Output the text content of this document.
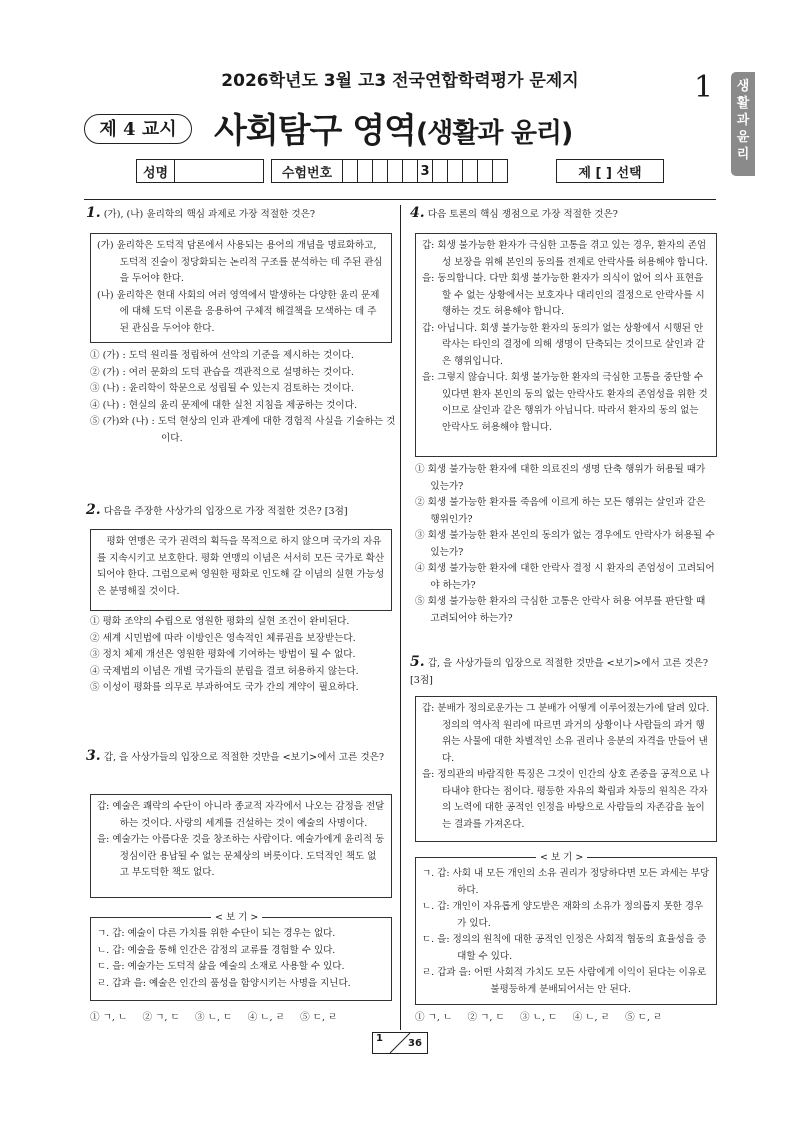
2026학년도 3월 고3 전국연합학력평가 문제지	1	생
활
과
윤
리
제 4 교시	사회탐구 영역(생활과 윤리)
성명		수험번호						3						제 [ ] 선택
1. (가), (나) 윤리학의 핵심 과제로 가장 적절한 것은?

(가) 윤리학은 도덕적 담론에서 사용되는 용어의 개념을 명료화하고, 도덕적 진술이 정당화되는 논리적 구조를 분석하는 데 주된 관심을 두어야 한다.

(나) 윤리학은 현대 사회의 여러 영역에서 발생하는 다양한 윤리 문제에 대해 도덕 이론을 응용하여 구체적 해결책을 모색하는 데 주된 관심을 두어야 한다.

① (가) : 도덕 원리를 정립하여 선악의 기준을 제시하는 것이다.

② (가) : 여러 문화의 도덕 관습을 객관적으로 설명하는 것이다.

③ (나) : 윤리학이 학문으로 성립될 수 있는지 검토하는 것이다.

④ (나) : 현실의 윤리 문제에 대한 실천 지침을 제공하는 것이다.

⑤ (가)와 (나) : 도덕 현상의 인과 관계에 대한 경험적 사실을 기술하는 것이다.

2. 다음을 주장한 사상가의 입장으로 가장 적절한 것은? [3점]

평화 연맹은 국가 권력의 획득을 목적으로 하지 않으며 국가의 자유를 지속시키고 보호한다. 평화 연맹의 이념은 서서히 모든 국가로 확산되어야 한다. 그럼으로써 영원한 평화로 인도해 갈 이념의 실현 가능성은 분명해질 것이다.

① 평화 조약의 수립으로 영원한 평화의 실현 조건이 완비된다.

② 세계 시민법에 따라 이방인은 영속적인 체류권을 보장받는다.

③ 정치 체제 개선은 영원한 평화에 기여하는 방법이 될 수 없다.

④ 국제법의 이념은 개별 국가들의 분립을 결코 허용하지 않는다.

⑤ 이성이 평화를 의무로 부과하여도 국가 간의 계약이 필요하다.

3. 갑, 을 사상가들의 입장으로 적절한 것만을 <보기>에서 고른 것은?

갑: 예술은 쾌락의 수단이 아니라 종교적 자각에서 나오는 감정을 전달하는 것이다. 사랑의 세계를 건설하는 것이 예술의 사명이다.

을: 예술가는 아름다운 것을 창조하는 사람이다. 예술가에게 윤리적 동정심이란 용납될 수 없는 문체상의 버릇이다. 도덕적인 책도 없고 부도덕한 책도 없다.

ㄱ. 갑: 예술이 다른 가치를 위한 수단이 되는 경우는 없다.

ㄴ. 갑: 예술을 통해 인간은 감정의 교류를 경험할 수 있다.

ㄷ. 을: 예술가는 도덕적 삶을 예술의 소재로 사용할 수 있다.

ㄹ. 갑과 을: 예술은 인간의 품성을 함양시키는 사명을 지닌다.

< 보 기 >
① ㄱ, ㄴ     ② ㄱ, ㄷ     ③ ㄴ, ㄷ     ④ ㄴ, ㄹ     ⑤ ㄷ, ㄹ
4. 다음 토론의 핵심 쟁점으로 가장 적절한 것은?

갑: 회생 불가능한 환자가 극심한 고통을 겪고 있는 경우, 환자의 존엄성 보장을 위해 본인의 동의를 전제로 안락사를 허용해야 합니다.

을: 동의합니다. 다만 회생 불가능한 환자가 의식이 없어 의사 표현을 할 수 없는 상황에서는 보호자나 대리인의 결정으로 안락사를 시행하는 것도 허용해야 합니다.

갑: 아닙니다. 회생 불가능한 환자의 동의가 없는 상황에서 시행된 안락사는 타인의 결정에 의해 생명이 단축되는 것이므로 살인과 같은 행위입니다.

을: 그렇지 않습니다. 회생 불가능한 환자의 극심한 고통을 중단할 수 있다면 환자 본인의 동의 없는 안락사도 환자의 존엄성을 위한 것이므로 살인과 같은 행위가 아닙니다. 따라서 환자의 동의 없는 안락사도 허용해야 합니다.

① 회생 불가능한 환자에 대한 의료진의 생명 단축 행위가 허용될 때가 있는가?

② 회생 불가능한 환자를 죽음에 이르게 하는 모든 행위는 살인과 같은 행위인가?

③ 회생 불가능한 환자 본인의 동의가 없는 경우에도 안락사가 허용될 수 있는가?

④ 회생 불가능한 환자에 대한 안락사 결정 시 환자의 존엄성이 고려되어야 하는가?

⑤ 회생 불가능한 환자의 극심한 고통은 안락사 허용 여부를 판단할 때 고려되어야 하는가?

5. 갑, 을 사상가들의 입장으로 적절한 것만을 <보기>에서 고른 것은? [3점]

갑: 분배가 정의로운가는 그 분배가 어떻게 이루어졌는가에 달려 있다. 정의의 역사적 원리에 따르면 과거의 상황이나 사람들의 과거 행위는 사물에 대한 차별적인 소유 권리나 응분의 자격을 만들어 낸다.

을: 정의관의 바람직한 특징은 그것이 인간의 상호 존중을 공적으로 나타내야 한다는 점이다. 평등한 자유의 확립과 차등의 원칙은 각자의 노력에 대한 공적인 인정을 바탕으로 사람들의 자존감을 높이는 결과를 가져온다.

ㄱ. 갑: 사회 내 모든 개인의 소유 권리가 정당하다면 모든 과세는 부당하다.

ㄴ. 갑: 개인이 자유롭게 양도받은 재화의 소유가 정의롭지 못한 경우가 있다.

ㄷ. 을: 정의의 원칙에 대한 공적인 인정은 사회적 협동의 효율성을 증대할 수 있다.

ㄹ. 갑과 을: 어떤 사회적 가치도 모든 사람에게 이익이 된다는 이유로 불평등하게 분배되어서는 안 된다.

< 보 기 >
① ㄱ, ㄴ     ② ㄱ, ㄷ     ③ ㄴ, ㄷ     ④ ㄴ, ㄹ     ⑤ ㄷ, ㄹ
1	36
